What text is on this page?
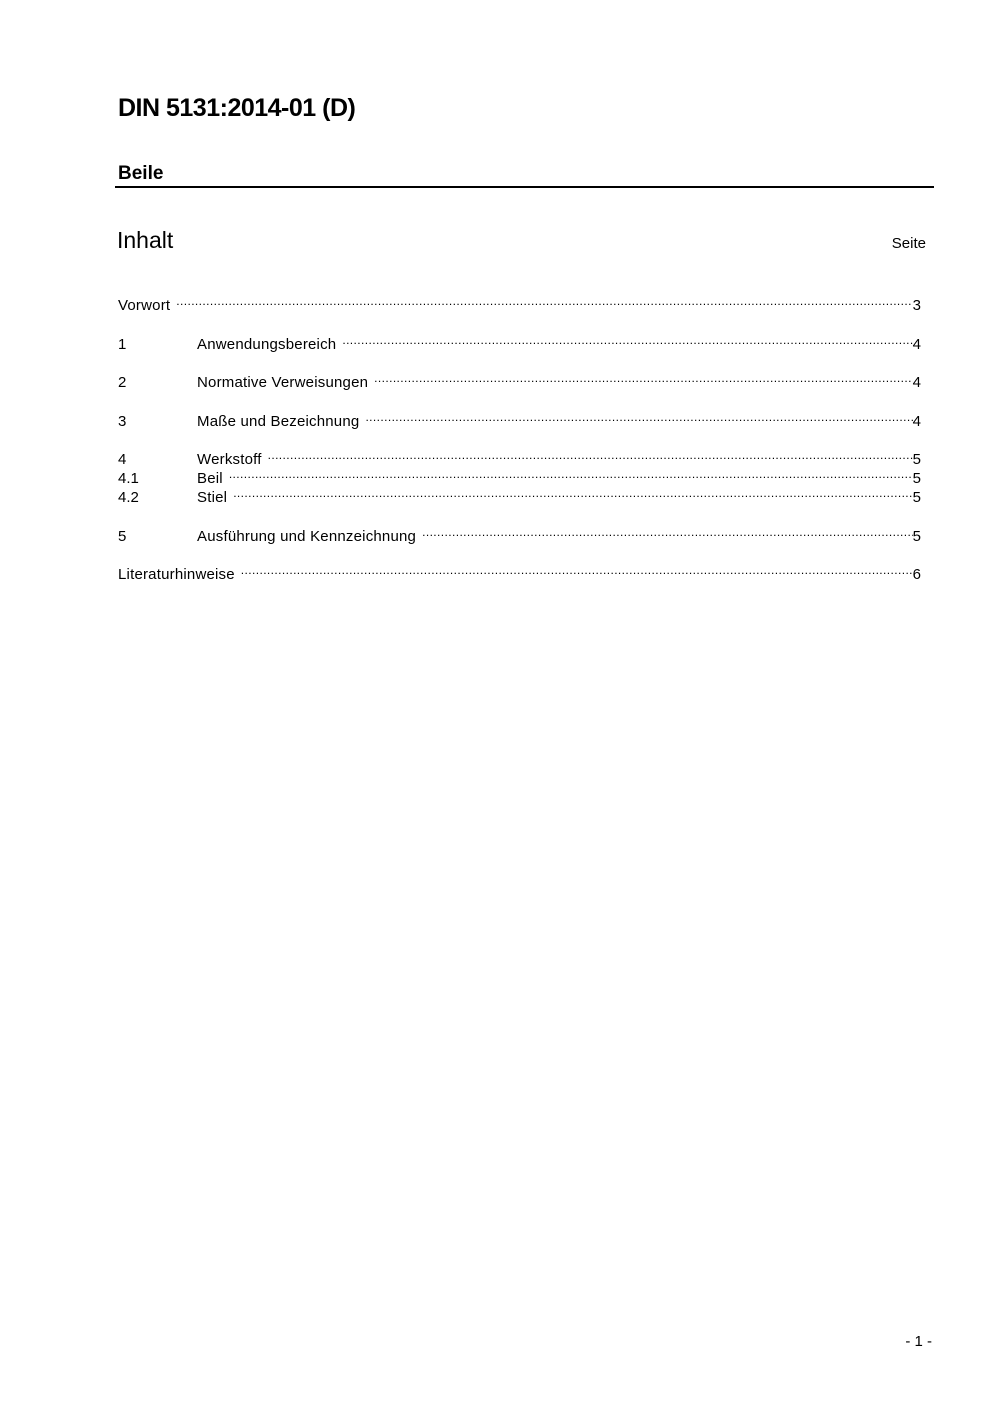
DIN 5131:2014-01 (D)
Beile
Inhalt	Seite
Vorwort .....	3
1	Anwendungsbereich .....	4
2	Normative Verweisungen .....	4
3	Maße und Bezeichnung .....	4
4	Werkstoff .....	5
4.1	Beil .....	5
4.2	Stiel .....	5
5	Ausführung und Kennzeichnung .....	5
Literaturhinweise .....	6
- 1 -
